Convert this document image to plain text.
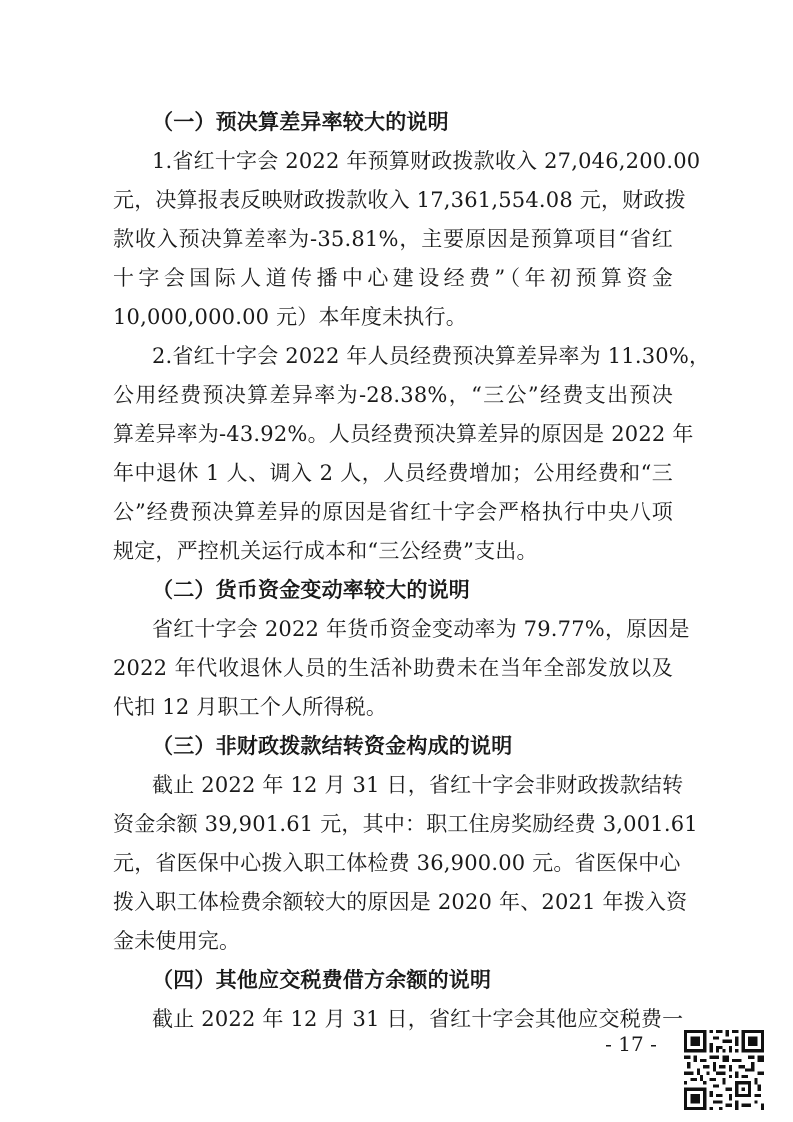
（一）预决算差异率较大的说明
1.省红十字会 2022 年预算财政拨款收入 27,046,200.00
元，决算报表反映财政拨款收入 17,361,554.08 元，财政拨
款收入预决算差率为-35.81%，主要原因是预算项目“省红
十字会国际人道传播中心建设经费”（年初预算资金
10,000,000.00 元）本年度未执行。
2.省红十字会 2022 年人员经费预决算差异率为 11.30%，
公用经费预决算差异率为-28.38%，“三公”经费支出预决
算差异率为-43.92%。人员经费预决算差异的原因是 2022 年
年中退休 1 人、调入 2 人，人员经费增加；公用经费和“三
公”经费预决算差异的原因是省红十字会严格执行中央八项
规定，严控机关运行成本和“三公经费”支出。
（二）货币资金变动率较大的说明
省红十字会 2022 年货币资金变动率为 79.77%，原因是
2022 年代收退休人员的生活补助费未在当年全部发放以及
代扣 12 月职工个人所得税。
（三）非财政拨款结转资金构成的说明
截止 2022 年 12 月 31 日，省红十字会非财政拨款结转
资金余额 39,901.61 元，其中：职工住房奖励经费 3,001.61
元，省医保中心拨入职工体检费 36,900.00 元。省医保中心
拨入职工体检费余额较大的原因是 2020 年、2021 年拨入资
金未使用完。
（四）其他应交税费借方余额的说明
截止 2022 年 12 月 31 日，省红十字会其他应交税费一
- 17 -
